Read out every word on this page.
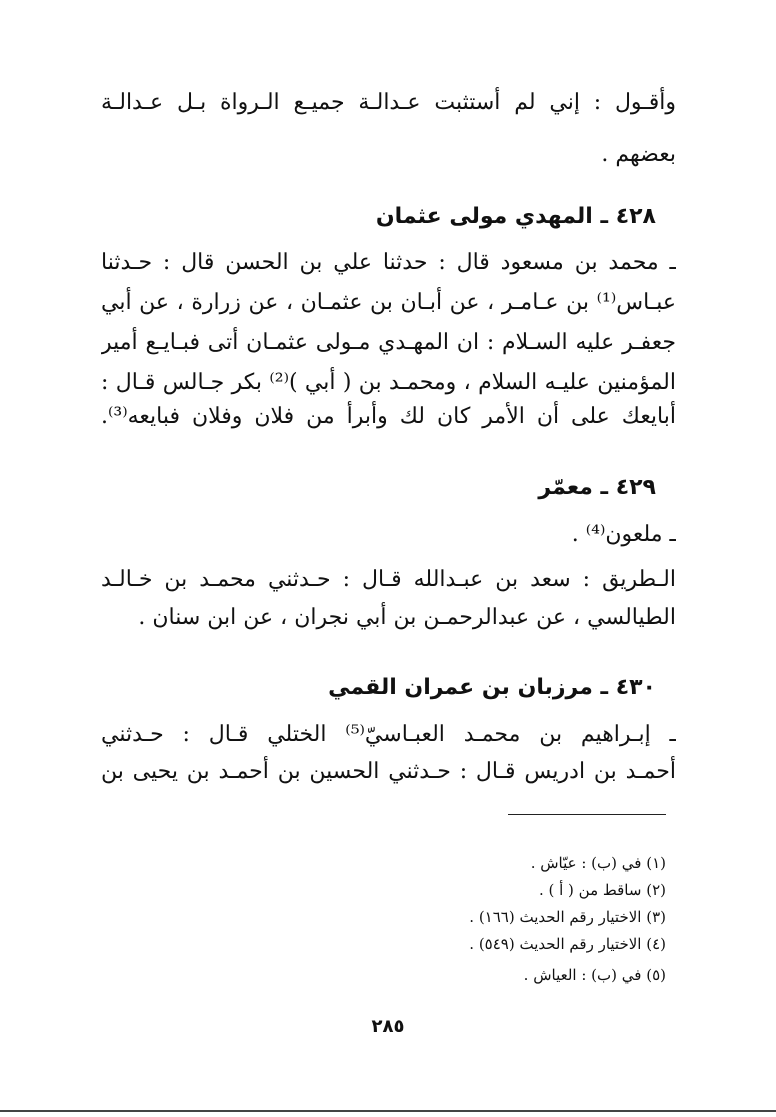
وأقـول : إني لم أستثبت عـدالـة جميـع الـرواة بـل عـدالـة
بعضهم .
٤٢٨ ـ المهدي مولى عثمان
ـ محمد بن مسعود قال : حدثنا علي بن الحسن قال : حـدثنا
عبـاس⁽¹⁾ بن عـامـر ، عن أبـان بن عثمـان ، عن زرارة ، عن أبي
جعفـر عليه السـلام : ان المهـدي مـولى عثمـان أتى فبـايـع أمير
المؤمنين عليـه السلام ، ومحمـد بن ( أبي )⁽²⁾ بكر جـالس قـال :
أبايعك على أن الأمر كان لك وأبرأ من فلان وفلان فبايعه⁽³⁾.
٤٢٩ ـ معمّر
ـ ملعون⁽⁴⁾ .
الـطريق : سعد بن عبـدالله قـال : حـدثني محمـد بن خـالـد
الطيالسي ، عن عبدالرحمـن بن أبي نجران ، عن ابن سنان .
٤٣٠ ـ مرزبان بن عمران القمي
ـ إبـراهيم بن محمـد العبـاسيّ⁽⁵⁾ الختلي قـال : حـدثني
أحمـد بن ادريس قـال : حـدثني الحسين بن أحمـد بن يحيى بن
(١) في (ب) : عيّاش .
(٢) ساقط من ( أ ) .
(٣) الاختيار رقم الحديث (١٦٦) .
(٤) الاختيار رقم الحديث (٥٤٩) .
(٥) في (ب) : العياش .
٢٨٥
